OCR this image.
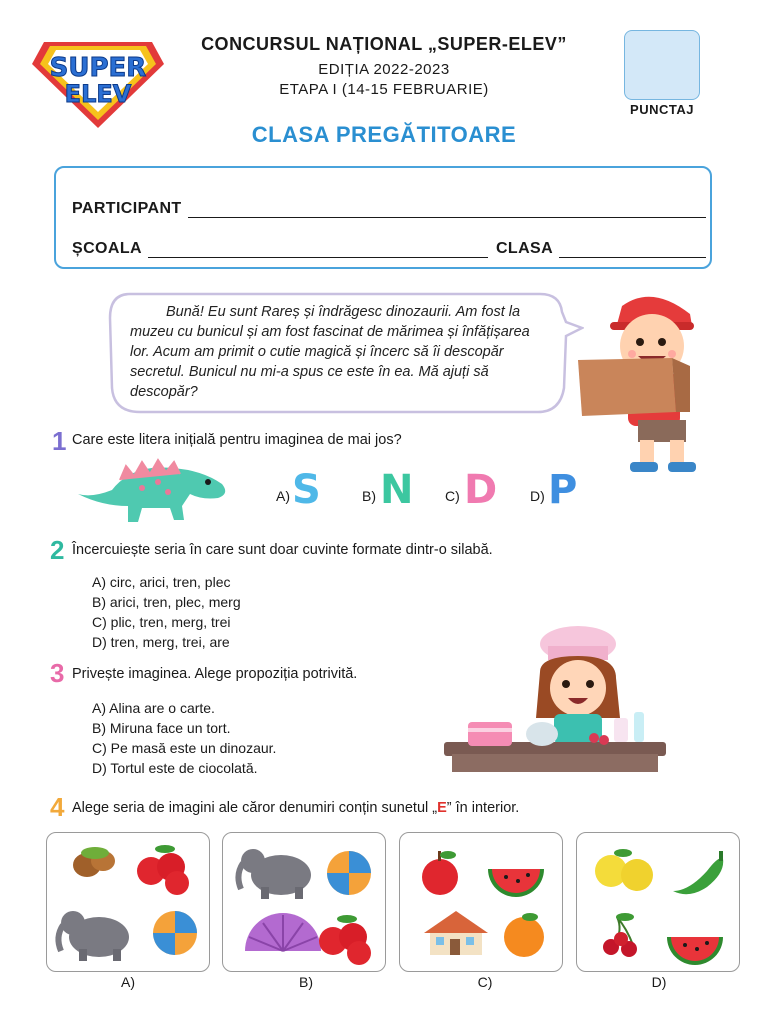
SUPER
ELEV
CONCURSUL NAȚIONAL „SUPER-ELEV”
EDIȚIA 2022-2023
ETAPA I (14-15 FEBRUARIE)
PUNCTAJ
CLASA PREGĂTITOARE
PARTICIPANT
ȘCOALA	CLASA
Bună! Eu sunt Rareș și îndrăgesc dinozaurii. Am fost la muzeu cu bunicul și am fost fascinat de mărimea și înfățișarea lor. Acum am primit o cutie magică și încerc să îi descopăr secretul. Bunicul nu mi-a spus ce este în ea. Mă ajuți să descopăr?
1 Care este litera inițială pentru imaginea de mai jos?
A) S	B) N C) D D) P
2 Încercuiește seria în care sunt doar cuvinte formate dintr-o silabă.
A) circ, arici, tren, plec
B) arici, tren, plec, merg
C) plic, tren, merg, trei
D) tren, merg, trei, are
3 Privește imaginea. Alege propoziția potrivită.
A) Alina are o carte.
B) Miruna face un tort.
C) Pe masă este un dinozaur.
D) Tortul este de ciocolată.
4 Alege seria de imagini ale căror denumiri conțin sunetul „E” în interior.
A)	B)	C)	D)
